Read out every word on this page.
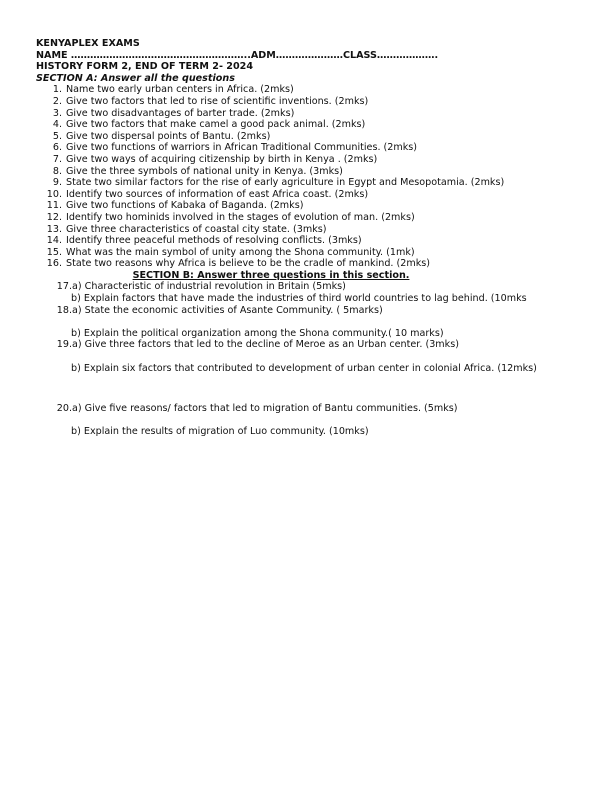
KENYAPLEX EXAMS
NAME ………………………………………………..ADM…………………CLASS……………….
HISTORY FORM 2, END OF TERM 2- 2024
SECTION A: Answer all the questions
1. Name two early urban centers in Africa. (2mks)
2. Give two factors that led to rise of scientific inventions. (2mks)
3. Give two disadvantages of barter trade. (2mks)
4. Give two factors that make camel a good pack animal. (2mks)
5. Give two dispersal points of Bantu. (2mks)
6. Give two functions of warriors in African Traditional Communities. (2mks)
7. Give two ways of acquiring citizenship by birth in Kenya . (2mks)
8. Give the three symbols of national unity in Kenya. (3mks)
9. State two similar factors for the rise of early agriculture in Egypt and Mesopotamia. (2mks)
10. Identify two sources of information of east Africa coast. (2mks)
11. Give two functions of Kabaka of Baganda. (2mks)
12. Identify two hominids involved in the stages of evolution of man. (2mks)
13. Give three characteristics of coastal city state. (3mks)
14. Identify three peaceful methods of resolving conflicts. (3mks)
15. What was the main symbol of unity among the Shona community. (1mk)
16. State two reasons why Africa is believe to be the cradle of mankind. (2mks)
SECTION B: Answer three questions in this section.
17. a) Characteristic of industrial revolution in Britain (5mks)
b) Explain factors that have made the industries of third world countries to lag behind. (10mks
18. a) State the economic activities of Asante Community. ( 5marks)
b) Explain the political organization among the Shona community.( 10 marks)
19. a) Give three factors that led to the decline of Meroe as an Urban center. (3mks)
b) Explain six factors that contributed to development of urban center in colonial Africa. (12mks)
20. a) Give five reasons/ factors that led to migration of Bantu communities. (5mks)
b) Explain the results of migration of Luo community. (10mks)
